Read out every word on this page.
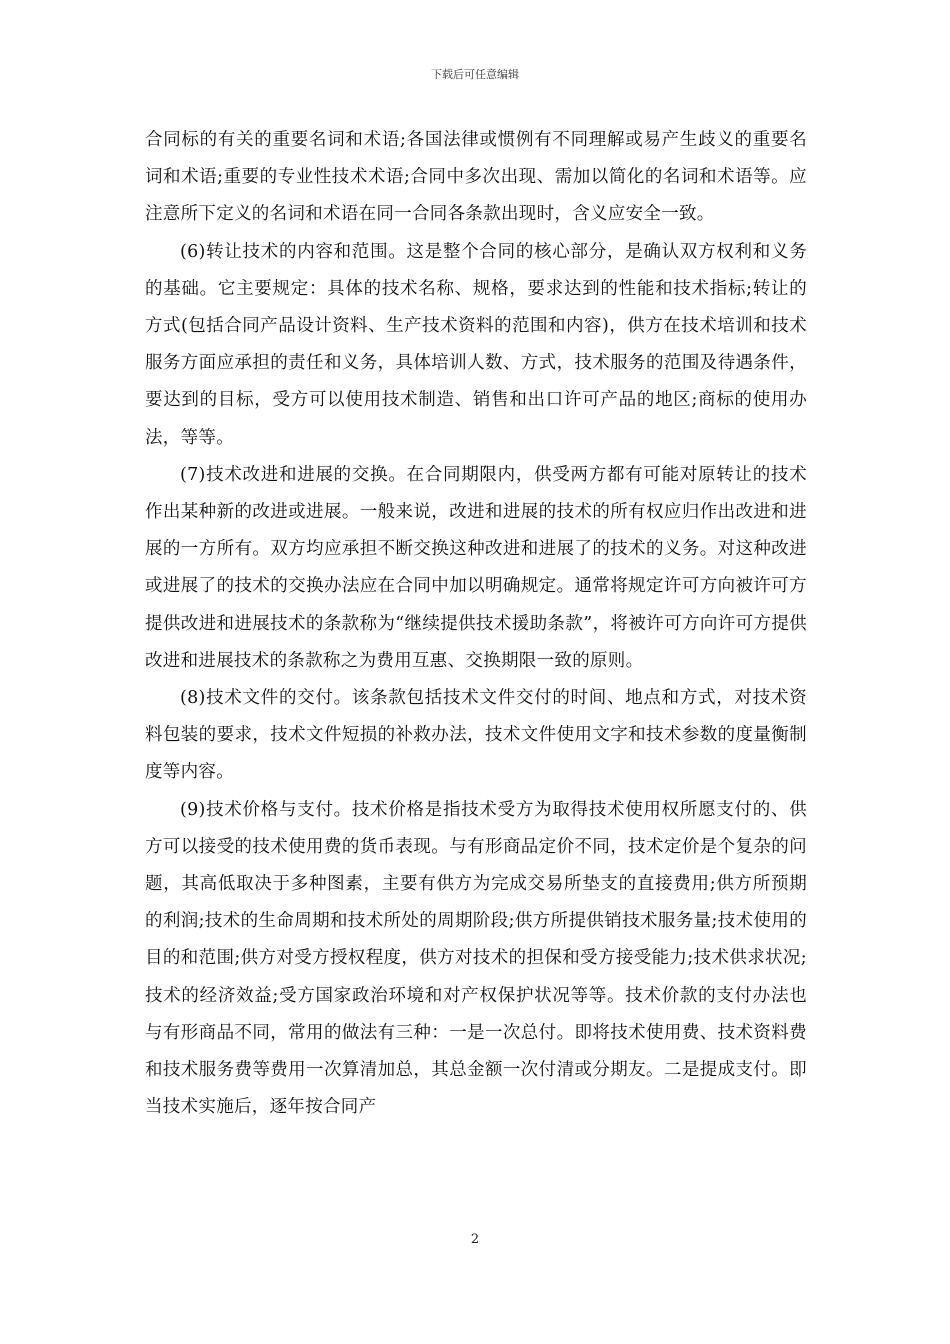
下载后可任意编辑

合同标的有关的重要名词和术语;各国法律或惯例有不同理解或易产生歧义的重要名词和术语;重要的专业性技术术语;合同中多次出现、需加以简化的名词和术语等。应注意所下定义的名词和术语在同一合同各条款出现时，含义应安全一致。

(6)转让技术的内容和范围。这是整个合同的核心部分，是确认双方权利和义务的基础。它主要规定：具体的技术名称、规格，要求达到的性能和技术指标;转让的方式(包括合同产品设计资料、生产技术资料的范围和内容)，供方在技术培训和技术服务方面应承担的责任和义务，具体培训人数、方式，技术服务的范围及待遇条件，要达到的目标，受方可以使用技术制造、销售和出口许可产品的地区;商标的使用办法，等等。

(7)技术改进和进展的交换。在合同期限内，供受两方都有可能对原转让的技术作出某种新的改进或进展。一般来说，改进和进展的技术的所有权应归作出改进和进展的一方所有。双方均应承担不断交换这种改进和进展了的技术的义务。对这种改进或进展了的技术的交换办法应在合同中加以明确规定。通常将规定许可方向被许可方提供改进和进展技术的条款称为“继续提供技术援助条款”，将被许可方向许可方提供改进和进展技术的条款称之为费用互惠、交换期限一致的原则。

(8)技术文件的交付。该条款包括技术文件交付的时间、地点和方式，对技术资料包装的要求，技术文件短损的补救办法，技术文件使用文字和技术参数的度量衡制度等内容。

(9)技术价格与支付。技术价格是指技术受方为取得技术使用权所愿支付的、供方可以接受的技术使用费的货币表现。与有形商品定价不同，技术定价是个复杂的问题，其高低取决于多种图素，主要有供方为完成交易所垫支的直接费用;供方所预期的利润;技术的生命周期和技术所处的周期阶段;供方所提供销技术服务量;技术使用的目的和范围;供方对受方授权程度，供方对技术的担保和受方接受能力;技术供求状况;技术的经济效益;受方国家政治环境和对产权保护状况等等。技术价款的支付办法也与有形商品不同，常用的做法有三种：一是一次总付。即将技术使用费、技术资料费和技术服务费等费用一次算清加总，其总金额一次付清或分期友。二是提成支付。即当技术实施后，逐年按合同产

2
